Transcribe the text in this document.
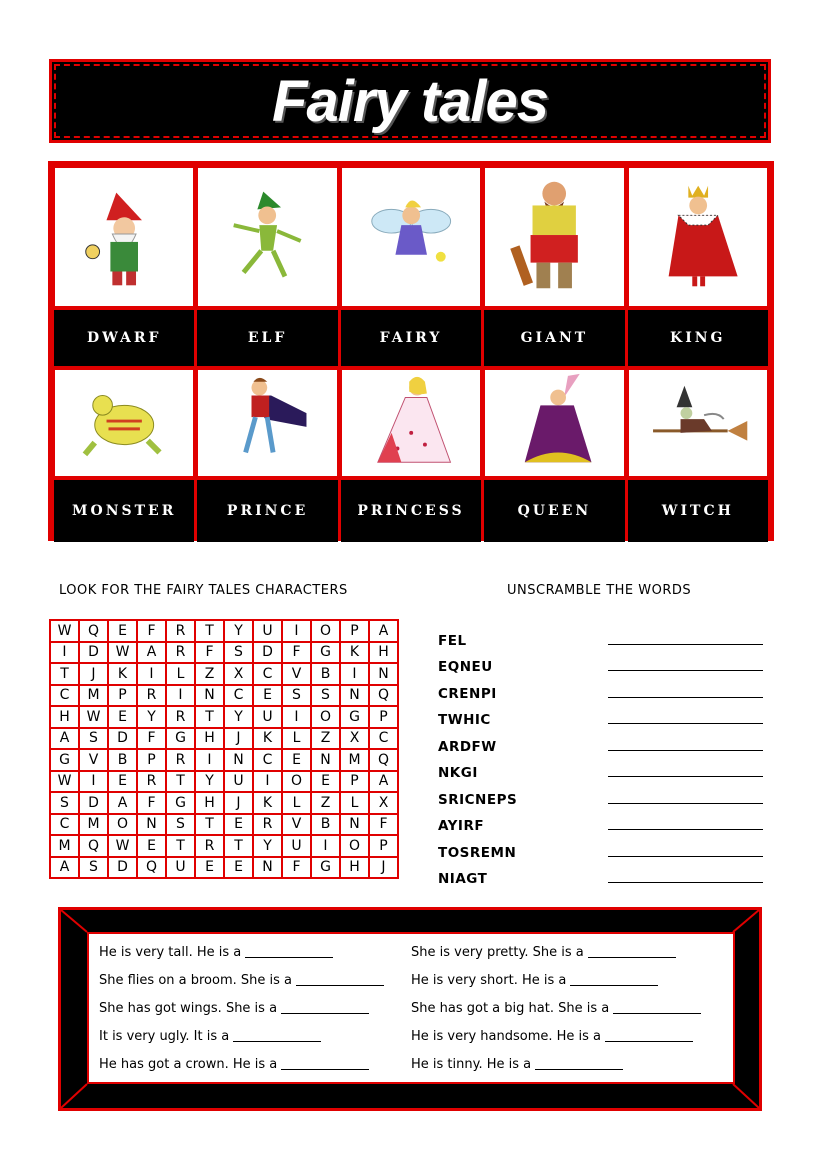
Fairy tales
DWARF	ELF	FAIRY	GIANT	KING
MONSTER	PRINCE	PRINCESS	QUEEN	WITCH
LOOK FOR THE FAIRY TALES CHARACTERS	UNSCRAMBLE THE WORDS
W	Q	E	F	R	T	Y	U	I	O	P	A
I	D	W	A	R	F	S	D	F	G	K	H
T	J	K	I	L	Z	X	C	V	B	I	N
C	M	P	R	I	N	C	E	S	S	N	Q
H	W	E	Y	R	T	Y	U	I	O	G	P
A	S	D	F	G	H	J	K	L	Z	X	C
G	V	B	P	R	I	N	C	E	N	M	Q
W	I	E	R	T	Y	U	I	O	E	P	A
S	D	A	F	G	H	J	K	L	Z	L	X
C	M	O	N	S	T	E	R	V	B	N	F
M	Q	W	E	T	R	T	Y	U	I	O	P
A	S	D	Q	U	E	E	N	F	G	H	J
FEL
EQNEU
CRENPI
TWHIC
ARDFW
NKGI
SRICNEPS
AYIRF
TOSREMN
NIAGT
He is very tall. He is a	She is very pretty. She is a
She flies on a broom. She is a	He is very short. He is a
She has got wings. She is a	She has got a big hat. She is a
It is very ugly. It is a	He is very handsome. He is a
He has got a crown. He is a	He is tinny. He is a
